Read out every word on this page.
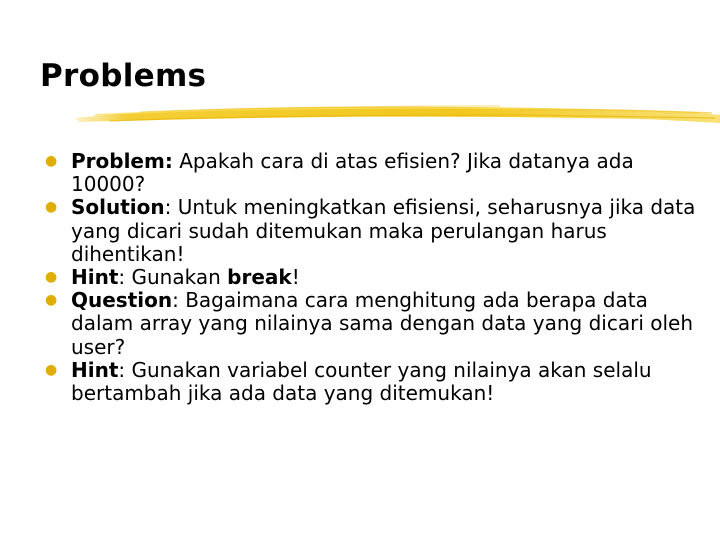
Problems
● Problem: Apakah cara di atas efisien? Jika datanya ada 10000?
● Solution: Untuk meningkatkan efisiensi, seharusnya jika data yang dicari sudah ditemukan maka perulangan harus dihentikan!
● Hint: Gunakan break!
● Question: Bagaimana cara menghitung ada berapa data dalam array yang nilainya sama dengan data yang dicari oleh user?
● Hint: Gunakan variabel counter yang nilainya akan selalu bertambah jika ada data yang ditemukan!
